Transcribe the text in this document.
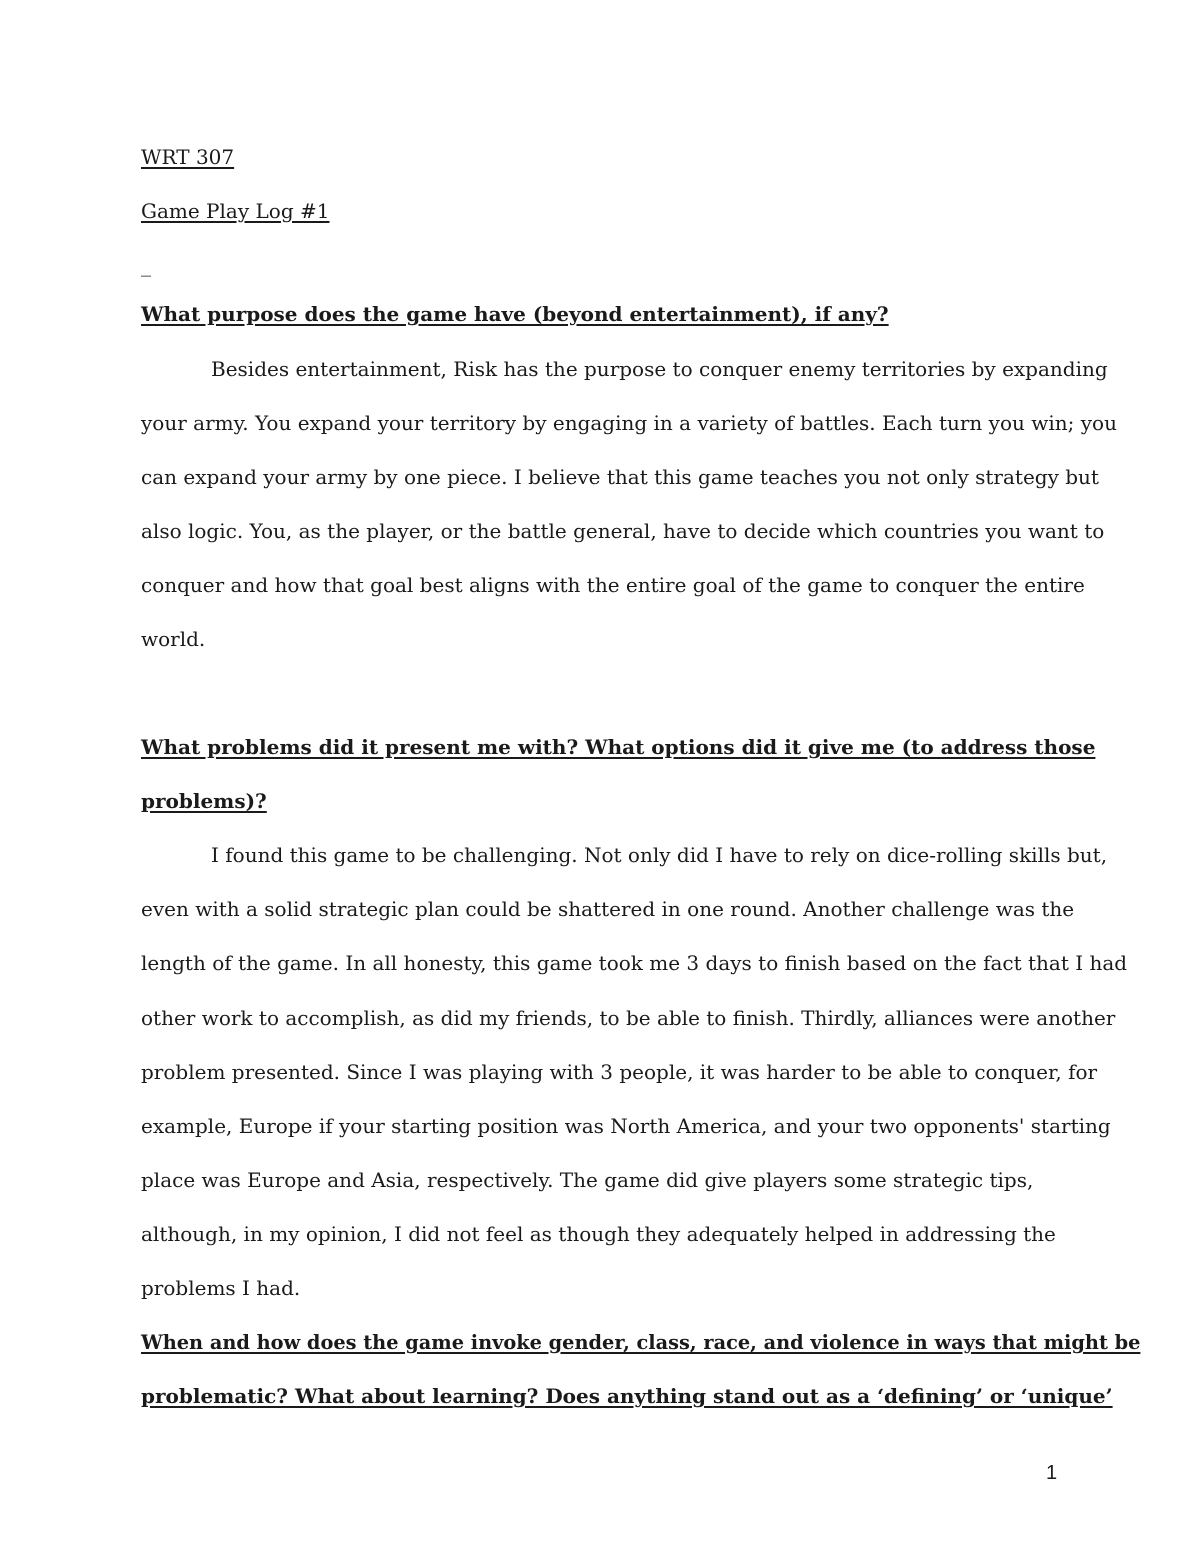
WRT 307
Game Play Log #1
_
What purpose does the game have (beyond entertainment), if any?
Besides entertainment, Risk has the purpose to conquer enemy territories by expanding
your army. You expand your territory by engaging in a variety of battles. Each turn you win; you
can expand your army by one piece. I believe that this game teaches you not only strategy but
also logic. You, as the player, or the battle general, have to decide which countries you want to
conquer and how that goal best aligns with the entire goal of the game to conquer the entire
world.
What problems did it present me with? What options did it give me (to address those
problems)?
I found this game to be challenging. Not only did I have to rely on dice-rolling skills but,
even with a solid strategic plan could be shattered in one round. Another challenge was the
length of the game. In all honesty, this game took me 3 days to finish based on the fact that I had
other work to accomplish, as did my friends, to be able to finish. Thirdly, alliances were another
problem presented. Since I was playing with 3 people, it was harder to be able to conquer, for
example, Europe if your starting position was North America, and your two opponents' starting
place was Europe and Asia, respectively. The game did give players some strategic tips,
although, in my opinion, I did not feel as though they adequately helped in addressing the
problems I had.
When and how does the game invoke gender, class, race, and violence in ways that might be
problematic? What about learning? Does anything stand out as a ‘defining’ or ‘unique’
1
